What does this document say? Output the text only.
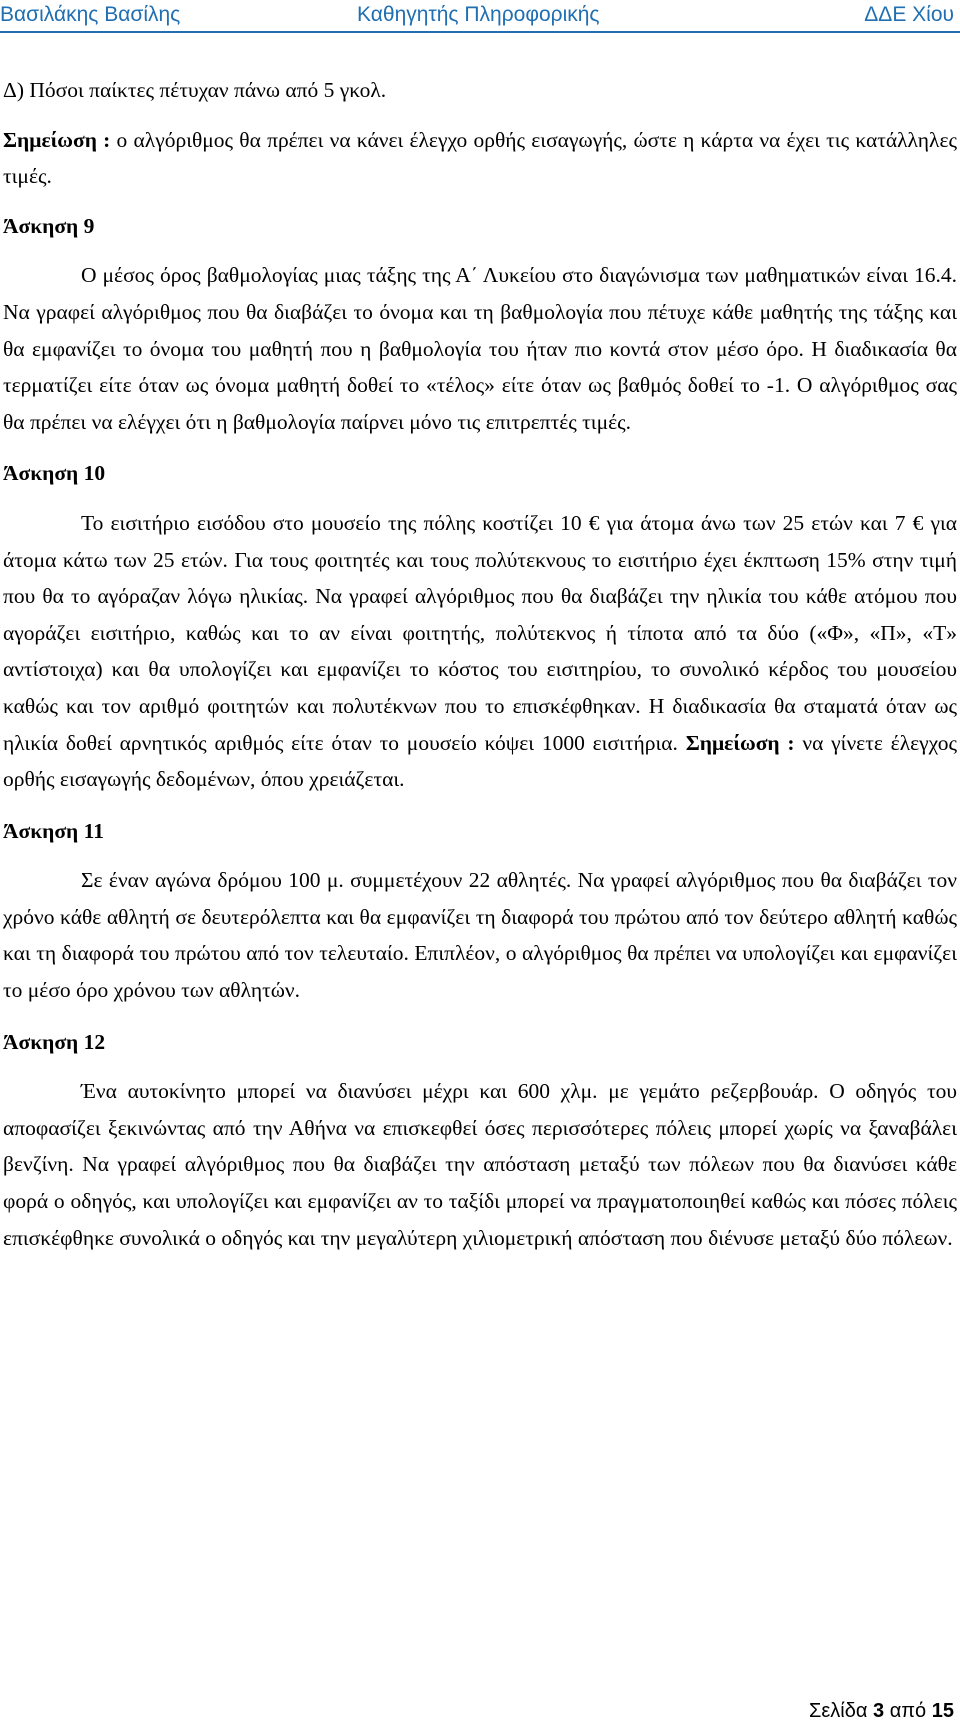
Βασιλάκης Βασίλης	Καθηγητής Πληροφορικής	ΔΔΕ Χίου

Δ) Πόσοι παίκτες πέτυχαν πάνω από 5 γκολ.

Σημείωση : ο αλγόριθμος θα πρέπει να κάνει έλεγχο ορθής εισαγωγής, ώστε η κάρτα να έχει τις κατάλληλες τιμές.

Άσκηση 9

Ο μέσος όρος βαθμολογίας μιας τάξης της Α΄ Λυκείου στο διαγώνισμα των μαθηματικών είναι 16.4. Να γραφεί αλγόριθμος που θα διαβάζει το όνομα και τη βαθμολογία που πέτυχε κάθε μαθητής της τάξης και θα εμφανίζει το όνομα του μαθητή που η βαθμολογία του ήταν πιο κοντά στον μέσο όρο. Η διαδικασία θα τερματίζει είτε όταν ως όνομα μαθητή δοθεί το «τέλος» είτε όταν ως βαθμός δοθεί το -1. Ο αλγόριθμος σας θα πρέπει να ελέγχει ότι η βαθμολογία παίρνει μόνο τις επιτρεπτές τιμές.

Άσκηση 10

Το εισιτήριο εισόδου στο μουσείο της πόλης κοστίζει 10 € για άτομα άνω των 25 ετών και 7 € για άτομα κάτω των 25 ετών. Για τους φοιτητές και τους πολύτεκνους το εισιτήριο έχει έκπτωση 15% στην τιμή που θα το αγόραζαν λόγω ηλικίας. Να γραφεί αλγόριθμος που θα διαβάζει την ηλικία του κάθε ατόμου που αγοράζει εισιτήριο, καθώς και το αν είναι φοιτητής, πολύτεκνος ή τίποτα από τα δύο («Φ», «Π», «Τ» αντίστοιχα) και θα υπολογίζει και εμφανίζει το κόστος του εισιτηρίου, το συνολικό κέρδος του μουσείου καθώς και τον αριθμό φοιτητών και πολυτέκνων που το επισκέφθηκαν. Η διαδικασία θα σταματά όταν ως ηλικία δοθεί αρνητικός αριθμός είτε όταν το μουσείο κόψει 1000 εισιτήρια. Σημείωση : να γίνετε έλεγχος ορθής εισαγωγής δεδομένων, όπου χρειάζεται.

Άσκηση 11

Σε έναν αγώνα δρόμου 100 μ. συμμετέχουν 22 αθλητές. Να γραφεί αλγόριθμος που θα διαβάζει τον χρόνο κάθε αθλητή σε δευτερόλεπτα και θα εμφανίζει τη διαφορά του πρώτου από τον δεύτερο αθλητή καθώς και τη διαφορά του πρώτου από τον τελευταίο. Επιπλέον, ο αλγόριθμος θα πρέπει να υπολογίζει και εμφανίζει το μέσο όρο χρόνου των αθλητών.

Άσκηση 12

Ένα αυτοκίνητο μπορεί να διανύσει μέχρι και 600 χλμ. με γεμάτο ρεζερβουάρ. Ο οδηγός του αποφασίζει ξεκινώντας από την Αθήνα να επισκεφθεί όσες περισσότερες πόλεις μπορεί χωρίς να ξαναβάλει βενζίνη. Να γραφεί αλγόριθμος που θα διαβάζει την απόσταση μεταξύ των πόλεων που θα διανύσει κάθε φορά ο οδηγός, και υπολογίζει και εμφανίζει αν το ταξίδι μπορεί να πραγματοποιηθεί καθώς και πόσες πόλεις επισκέφθηκε συνολικά ο οδηγός και την μεγαλύτερη χιλιομετρική απόσταση που διένυσε μεταξύ δύο πόλεων.

Σελίδα 3 από 15
